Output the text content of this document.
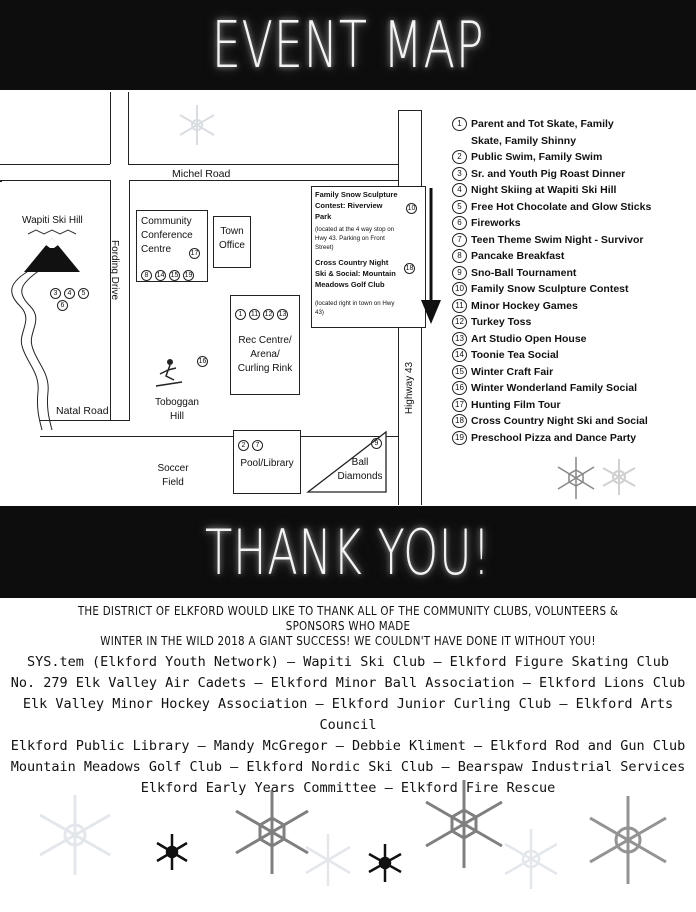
EVENT MAP
Michel Road
Fording Drive
Natal Road	Highway 43
Wapiti Ski Hill
3 4 5
6
Community
Conference
Centre	17
8 14 15 19
Town
Office
1 11 12 13
Rec Centre/
Arena/
Curling Rink
16
Toboggan
Hill
Soccer
Field
2 7
Pool/Library
9
Ball
Diamonds
Family Snow Sculpture Contest: Riverview Park
10
(located at the 4 way stop on Hwy 43. Parking on Front Street)
Cross Country Night Ski & Social: Mountain Meadows Golf Club
18
(located right in town on Hwy 43)
1 Parent and Tot Skate, Family Skate, Family Shinny
2 Public Swim, Family Swim
3 Sr. and Youth Pig Roast Dinner
4 Night Skiing at Wapiti Ski Hill
5 Free Hot Chocolate and Glow Sticks
6 Fireworks
7 Teen Theme Swim Night - Survivor
8 Pancake Breakfast
9 Sno-Ball Tournament
10 Family Snow Sculpture Contest
11 Minor Hockey Games
12 Turkey Toss
13 Art Studio Open House
14 Toonie Tea Social
15 Winter Craft Fair
16 Winter Wonderland Family Social
17 Hunting Film Tour
18 Cross Country Night Ski and Social
19 Preschool Pizza and Dance Party
THANK YOU!
THE DISTRICT OF ELKFORD WOULD LIKE TO THANK ALL OF THE COMMUNITY CLUBS, VOLUNTEERS & SPONSORS WHO MADE
WINTER IN THE WILD 2018 A GIANT SUCCESS! WE COULDN'T HAVE DONE IT WITHOUT YOU!
SYS.tem (Elkford Youth Network) – Wapiti Ski Club – Elkford Figure Skating Club
No. 279 Elk Valley Air Cadets – Elkford Minor Ball Association – Elkford Lions Club
Elk Valley Minor Hockey Association – Elkford Junior Curling Club – Elkford Arts Council
Elkford Public Library – Mandy McGregor – Debbie Kliment – Elkford Rod and Gun Club
Mountain Meadows Golf Club – Elkford Nordic Ski Club – Bearspaw Industrial Services
Elkford Early Years Committee – Elkford Fire Rescue
